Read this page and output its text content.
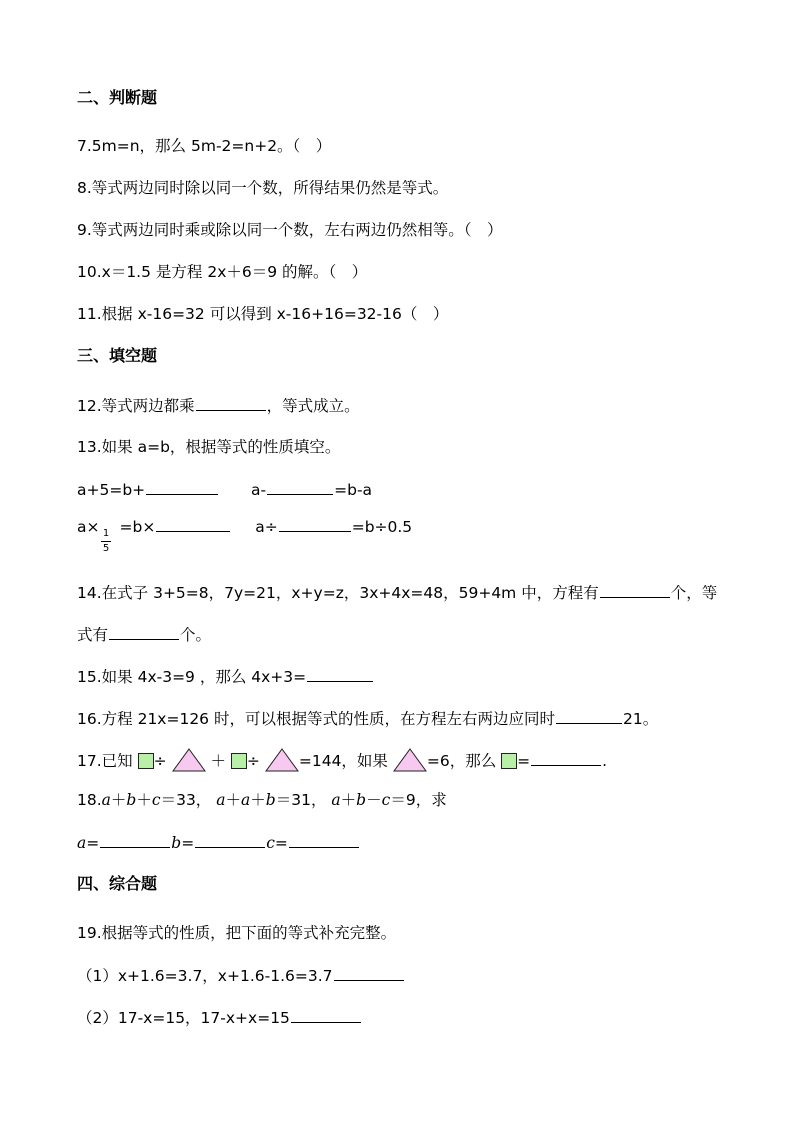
二、判断题
7.5m=n，那么 5m-2=n+2。（　）
8.等式两边同时除以同一个数，所得结果仍然是等式。
9.等式两边同时乘或除以同一个数，左右两边仍然相等。（　）
10.x＝1.5 是方程 2x＋6＝9 的解。（　）
11.根据 x-16=32 可以得到 x-16+16=32-16（　）
三、填空题
12.等式两边都乘	，等式成立。
13.如果 a=b，根据等式的性质填空。
a+5=b+	a-	=b-a
a× =b×	a÷	=b÷0.5
1
5
14.在式子 3+5=8，7y=21，x+y=z，3x+4x=48，59+4m 中，方程有	个，等
式有	个。
15.如果 4x-3=9 ，那么 4x+3=
16.方程 21x=126 时，可以根据等式的性质，在方程左右两边应同时	21。
17.已知 ÷	＋ ÷	=144，如果	=6，那么 =	.
18.a＋b＋c＝33， a＋a＋b＝31， a＋b－c＝9，求
a=	b=	c=
四、综合题
19.根据等式的性质，把下面的等式补充完整。
（1）x+1.6=3.7，x+1.6-1.6=3.7
（2）17-x=15，17-x+x=15
